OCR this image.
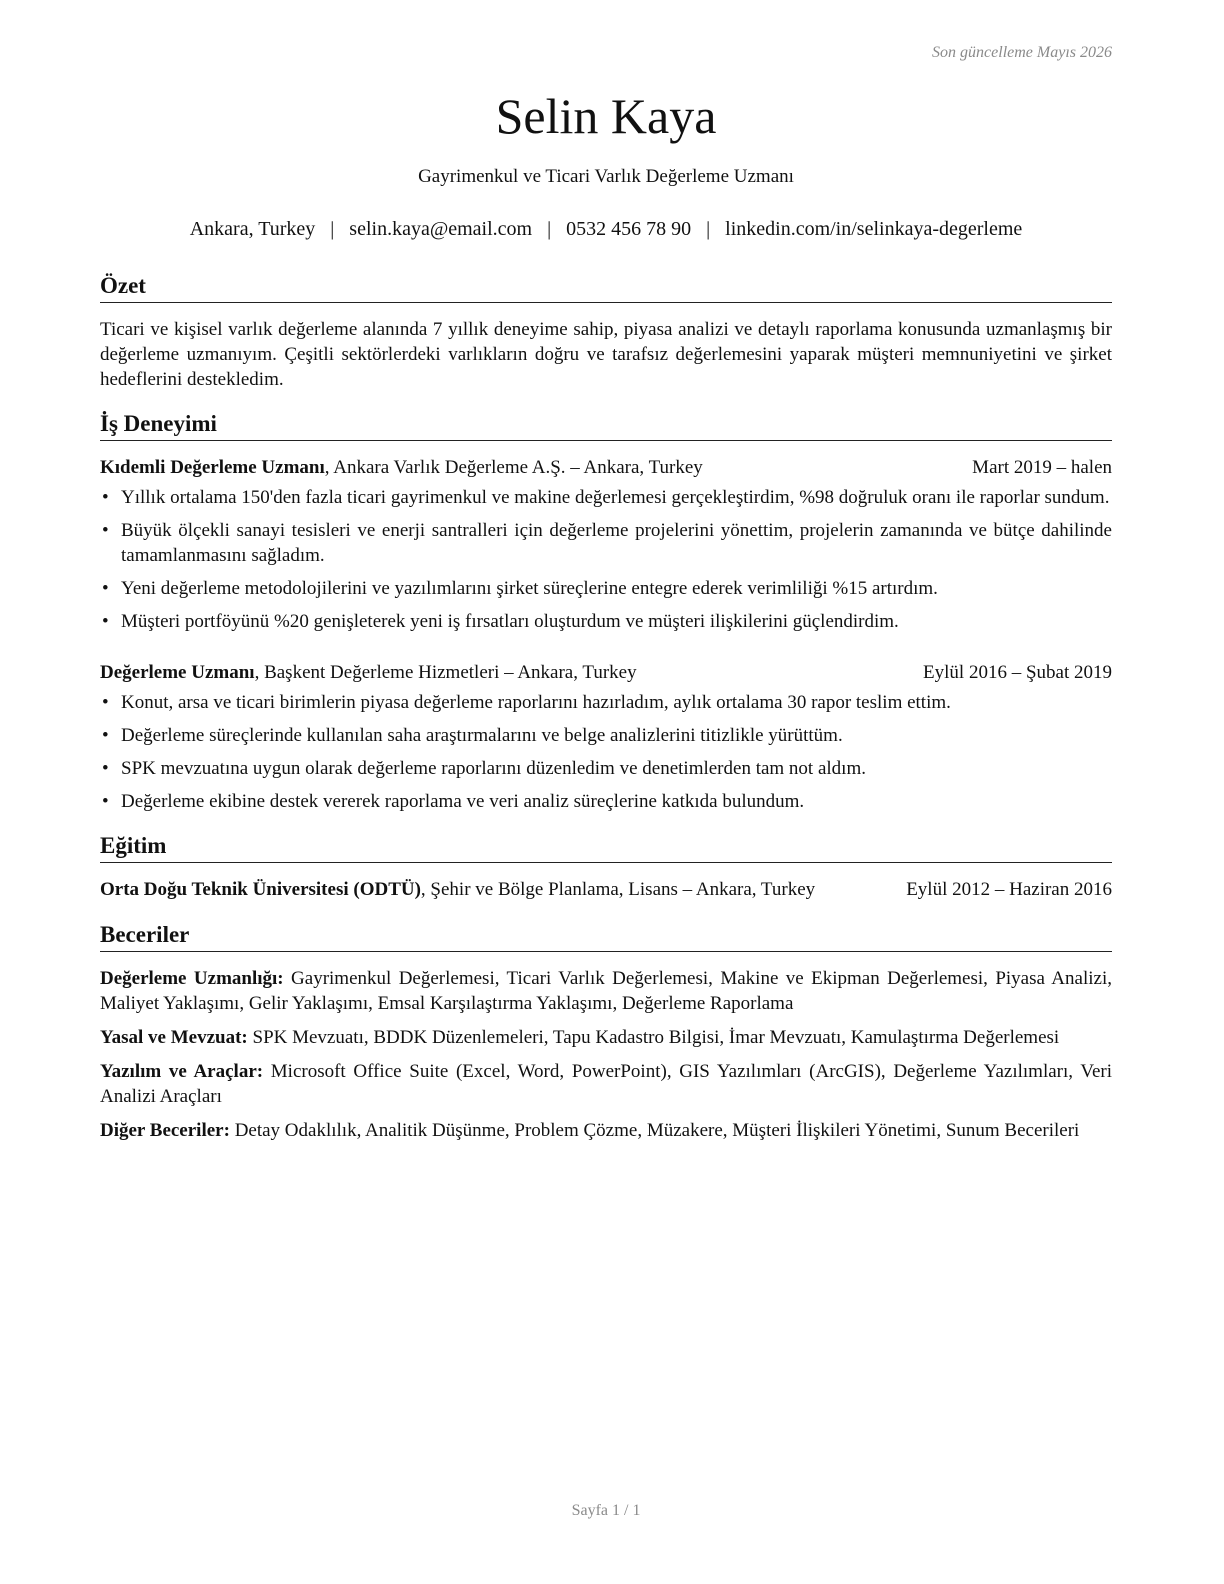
Son güncelleme Mayıs 2026
Selin Kaya
Gayrimenkul ve Ticari Varlık Değerleme Uzmanı
Ankara, Turkey | selin.kaya@email.com | 0532 456 78 90 | linkedin.com/in/selinkaya-degerleme
Özet

Ticari ve kişisel varlık değerleme alanında 7 yıllık deneyime sahip, piyasa analizi ve detaylı raporlama konusunda uzmanlaşmış bir değerleme uzmanıyım. Çeşitli sektörlerdeki varlıkların doğru ve tarafsız değerlemesini yaparak müşteri memnuniyetini ve şirket hedeflerini destekledim.

İş Deneyimi
Kıdemli Değerleme Uzmanı, Ankara Varlık Değerleme A.Ş. – Ankara, Turkey	Mart 2019 – halen
• Yıllık ortalama 150'den fazla ticari gayrimenkul ve makine değerlemesi gerçekleştirdim, %98 doğruluk oranı ile raporlar sundum.
• Büyük ölçekli sanayi tesisleri ve enerji santralleri için değerleme projelerini yönettim, projelerin zamanında ve bütçe dahilinde tamamlanmasını sağladım.
• Yeni değerleme metodolojilerini ve yazılımlarını şirket süreçlerine entegre ederek verimliliği %15 artırdım.
• Müşteri portföyünü %20 genişleterek yeni iş fırsatları oluşturdum ve müşteri ilişkilerini güçlendirdim.
Değerleme Uzmanı, Başkent Değerleme Hizmetleri – Ankara, Turkey	Eylül 2016 – Şubat 2019
• Konut, arsa ve ticari birimlerin piyasa değerleme raporlarını hazırladım, aylık ortalama 30 rapor teslim ettim.
• Değerleme süreçlerinde kullanılan saha araştırmalarını ve belge analizlerini titizlikle yürüttüm.
• SPK mevzuatına uygun olarak değerleme raporlarını düzenledim ve denetimlerden tam not aldım.
• Değerleme ekibine destek vererek raporlama ve veri analiz süreçlerine katkıda bulundum.
Eğitim
Orta Doğu Teknik Üniversitesi (ODTÜ), Şehir ve Bölge Planlama, Lisans – Ankara, Turkey	Eylül 2012 – Haziran 2016
Beceriler
Değerleme Uzmanlığı: Gayrimenkul Değerlemesi, Ticari Varlık Değerlemesi, Makine ve Ekipman Değerlemesi, Piyasa Analizi, Maliyet Yaklaşımı, Gelir Yaklaşımı, Emsal Karşılaştırma Yaklaşımı, Değerleme Raporlama
Yasal ve Mevzuat: SPK Mevzuatı, BDDK Düzenlemeleri, Tapu Kadastro Bilgisi, İmar Mevzuatı, Kamulaştırma Değerlemesi
Yazılım ve Araçlar: Microsoft Office Suite (Excel, Word, PowerPoint), GIS Yazılımları (ArcGIS), Değerleme Yazılımları, Veri Analizi Araçları
Diğer Beceriler: Detay Odaklılık, Analitik Düşünme, Problem Çözme, Müzakere, Müşteri İlişkileri Yönetimi, Sunum Becerileri
Sayfa 1 / 1
